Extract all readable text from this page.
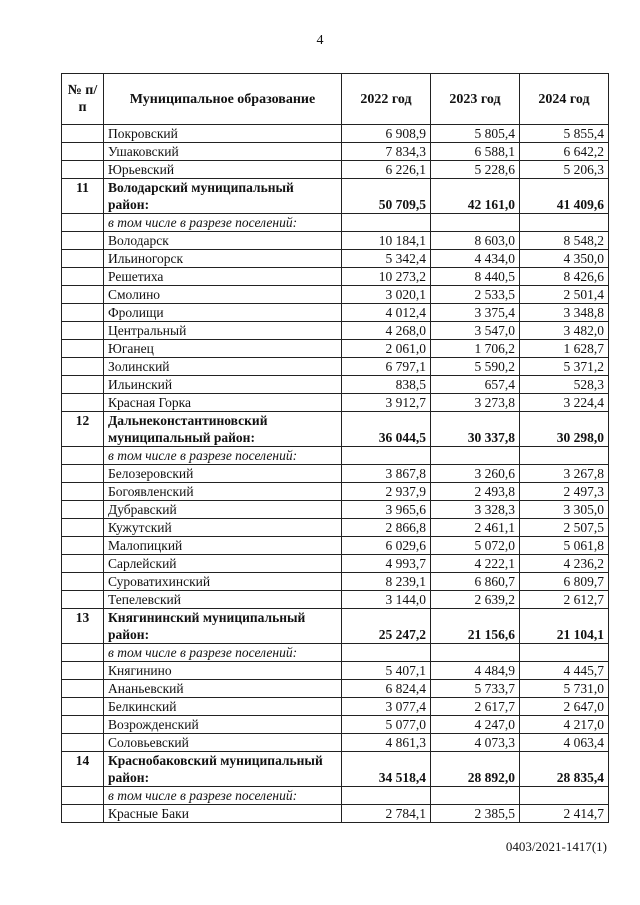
4
№ п/п	Муниципальное образование	2022 год	2023 год	2024 год
	Покровский	6 908,9	5 805,4	5 855,4
	Ушаковский	7 834,3	6 588,1	6 642,2
	Юрьевский	6 226,1	5 228,6	5 206,3
11	Володарский муниципальный район:	50 709,5	42 161,0	41 409,6
	в том числе в разрезе поселений:			
	Володарск	10 184,1	8 603,0	8 548,2
	Ильиногорск	5 342,4	4 434,0	4 350,0
	Решетиха	10 273,2	8 440,5	8 426,6
	Смолино	3 020,1	2 533,5	2 501,4
	Фролищи	4 012,4	3 375,4	3 348,8
	Центральный	4 268,0	3 547,0	3 482,0
	Юганец	2 061,0	1 706,2	1 628,7
	Золинский	6 797,1	5 590,2	5 371,2
	Ильинский	838,5	657,4	528,3
	Красная Горка	3 912,7	3 273,8	3 224,4
12	Дальнеконстантиновский муниципальный район:	36 044,5	30 337,8	30 298,0
	в том числе в разрезе поселений:			
	Белозеровский	3 867,8	3 260,6	3 267,8
	Богоявленский	2 937,9	2 493,8	2 497,3
	Дубравский	3 965,6	3 328,3	3 305,0
	Кужутский	2 866,8	2 461,1	2 507,5
	Малопицкий	6 029,6	5 072,0	5 061,8
	Сарлейский	4 993,7	4 222,1	4 236,2
	Суроватихинский	8 239,1	6 860,7	6 809,7
	Тепелевский	3 144,0	2 639,2	2 612,7
13	Княгининский муниципальный район:	25 247,2	21 156,6	21 104,1
	в том числе в разрезе поселений:			
	Княгинино	5 407,1	4 484,9	4 445,7
	Ананьевский	6 824,4	5 733,7	5 731,0
	Белкинский	3 077,4	2 617,7	2 647,0
	Возрожденский	5 077,0	4 247,0	4 217,0
	Соловьевский	4 861,3	4 073,3	4 063,4
14	Краснобаковский муниципальный район:	34 518,4	28 892,0	28 835,4
	в том числе в разрезе поселений:			
	Красные Баки	2 784,1	2 385,5	2 414,7
0403/2021-1417(1)
